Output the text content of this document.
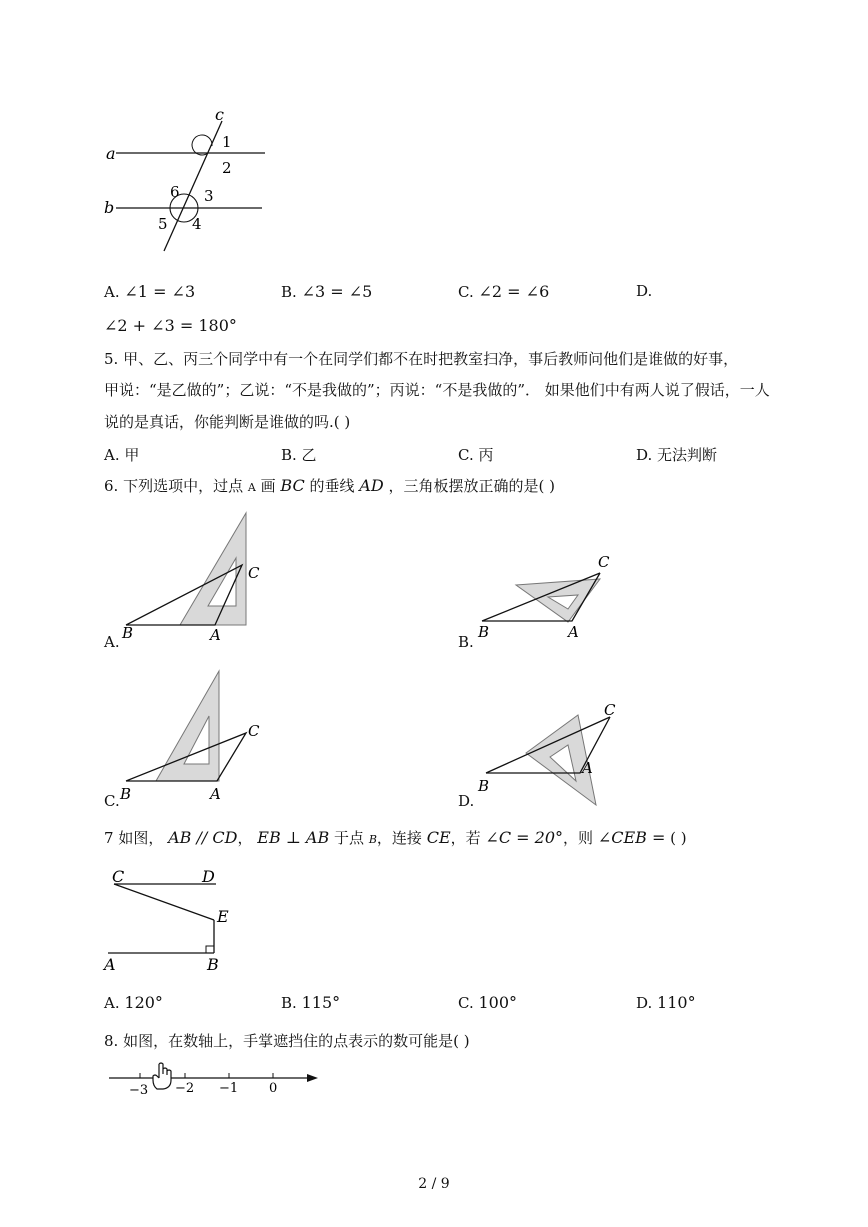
c
a
b
1
2
3
4
5
6
A. ∠1 = ∠3	B. ∠3 = ∠5	C. ∠2 = ∠6	D.
∠2 + ∠3 = 180°
5. 甲、乙、丙三个同学中有一个在同学们都不在时把教室扫净，事后教师问他们是谁做的好事，
甲说：“是乙做的”；乙说：“不是我做的”；丙说：“不是我做的”． 如果他们中有两人说了假话，一人
说的是真话，你能判断是谁做的吗.( )
A. 甲	B. 乙	C. 丙	D. 无法判断
6. 下列选项中，过点 A 画 BC 的垂线 AD ，三角板摆放正确的是( )
B	A
C
A.
B	A
C
B.
B	A
C
C.
B
A
C
D.
7 如图， AB // CD， EB ⊥ AB 于点 B，连接 CE，若 ∠C = 20°，则 ∠CEB = ( )
C	D
E
A	B
A. 120°	B. 115°	C. 100°	D. 110°
8. 如图，在数轴上，手掌遮挡住的点表示的数可能是( )
−3 −2 −1 0
2 / 9
